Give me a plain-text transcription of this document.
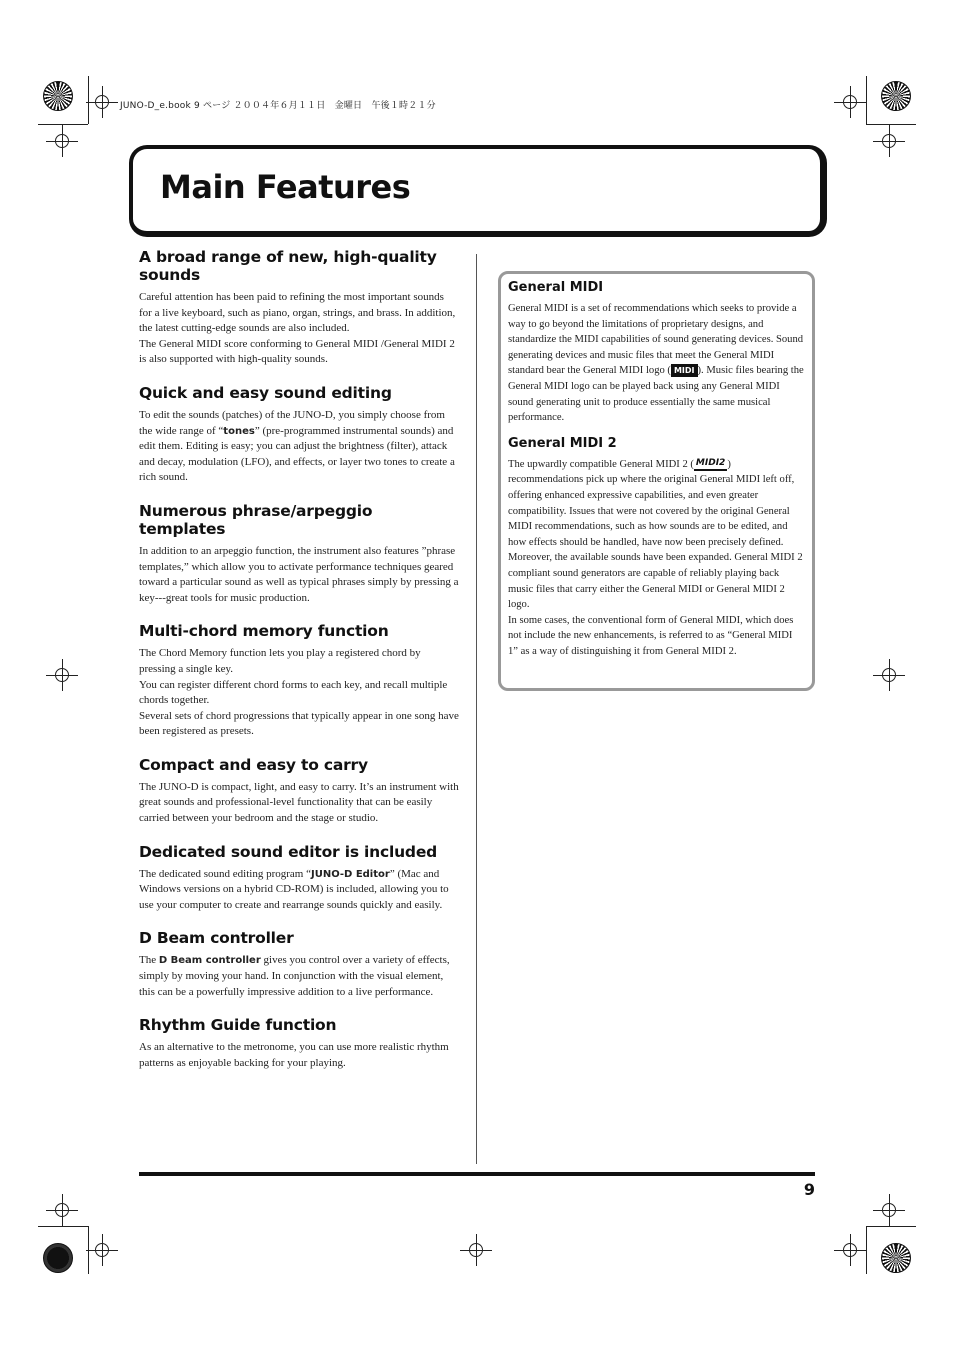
JUNO-D_e.book 9 ページ ２００４年６月１１日　金曜日　午後１時２１分
Main Features
A broad range of new, high-quality sounds

Careful attention has been paid to refining the most important sounds for a live keyboard, such as piano, organ, strings, and brass. In addition, the latest cutting-edge sounds are also included.

The General MIDI score conforming to General MIDI /General MIDI 2 is also supported with high-quality sounds.

Quick and easy sound editing

To edit the sounds (patches) of the JUNO-D, you simply choose from the wide range of “tones” (pre-programmed instrumental sounds) and edit them. Editing is easy; you can adjust the brightness (filter), attack and decay, modulation (LFO), and effects, or layer two tones to create a rich sound.

Numerous phrase/arpeggio templates

In addition to an arpeggio function, the instrument also features ”phrase templates,” which allow you to activate performance techniques geared toward a particular sound as well as typical phrases simply by pressing a key---great tools for music production.

Multi-chord memory function

The Chord Memory function lets you play a registered chord by pressing a single key.

You can register different chord forms to each key, and recall multiple chords together.

Several sets of chord progressions that typically appear in one song have been registered as presets.

Compact and easy to carry

The JUNO-D is compact, light, and easy to carry. It’s an instrument with great sounds and professional-level functionality that can be easily carried between your bedroom and the stage or studio.

Dedicated sound editor is included

The dedicated sound editing program “JUNO-D Editor” (Mac and Windows versions on a hybrid CD-ROM) is included, allowing you to use your computer to create and rearrange sounds quickly and easily.

D Beam controller

The D Beam controller gives you control over a variety of effects, simply by moving your hand. In conjunction with the visual element, this can be a powerfully impressive addition to a live performance.

Rhythm Guide function

As an alternative to the metronome, you can use more realistic rhythm patterns as enjoyable backing for your playing.

General MIDI

General MIDI is a set of recommendations which seeks to provide a way to go beyond the limitations of proprietary designs, and standardize the MIDI capabilities of sound generating devices. Sound generating devices and music files that meet the General MIDI standard bear the General MIDI logo ( MIDI ). Music files bearing the General MIDI logo can be played back using any General MIDI sound generating unit to produce essentially the same musical performance.

General MIDI 2

The upwardly compatible General MIDI 2 ( MIDI2 ) recommendations pick up where the original General MIDI left off, offering enhanced expressive capabilities, and even greater compatibility. Issues that were not covered by the original General MIDI recommendations, such as how sounds are to be edited, and how effects should be handled, have now been precisely defined. Moreover, the available sounds have been expanded. General MIDI 2 compliant sound generators are capable of reliably playing back music files that carry either the General MIDI or General MIDI 2 logo.

In some cases, the conventional form of General MIDI, which does not include the new enhancements, is referred to as “General MIDI 1” as a way of distinguishing it from General MIDI 2.

9
